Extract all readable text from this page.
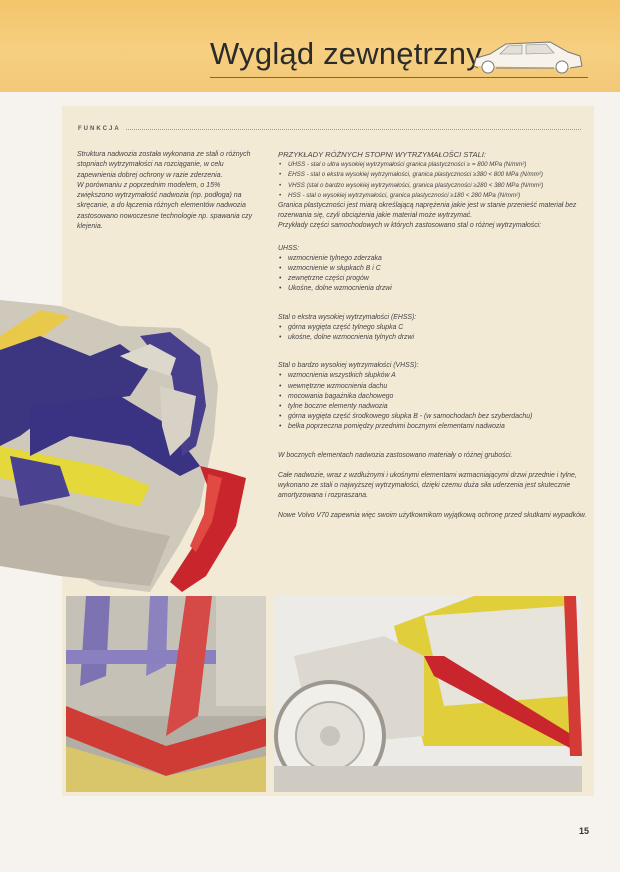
Wygląd zewnętrzny
FUNKCJA

Struktura nadwozia została wykonana ze stali o różnych stopniach wytrzymałości na rozciąganie, w celu zapewnienia dobrej ochrony w razie zderzenia.

W porównaniu z poprzednim modelem, o 15% zwiększono wytrzymałość nadwozia (np. podłoga) na skręcanie, a do łączenia różnych elementów nadwozia zastosowano nowoczesne technologie np. spawania czy klejenia.

PRZYKŁADY RÓŻNYCH STOPNI WYTRZYMAŁOŚCI STALI:

• UHSS - stal o ultra wysokiej wytrzymałości granica plastyczności ≥ = 800 MPa (N/mm²)
• EHSS - stal o ekstra wysokiej wytrzymałości, granica plastyczności ≥380 < 800 MPa (N/mm²)
• VHSS (stal o bardzo wysokiej wytrzymałości, granica plastyczności ≥280 < 380 MPa (N/mm²)
• HSS - stal o wysokiej wytrzymałości, granica plastyczności ≥180 < 280 MPa (N/mm²)

Granica plastyczności jest miarą określającą naprężenia jakie jest w stanie przenieść materiał bez rozerwania się, czyli obciążenia jakie materiał może wytrzymać.

Przykłady części samochodowych w których zastosowano stal o różnej wytrzymałości:

UHSS:

• wzmocnienie tylnego zderzaka
• wzmocnienie w słupkach B i C
• zewnętrzne części progów
• Ukośne, dolne wzmocnienia drzwi

Stal o ekstra wysokiej wytrzymałości (EHSS):

• górna wygięta część tylnego słupka C
• ukośne, dolne wzmocnienia tylnych drzwi

Stal o bardzo wysokiej wytrzymałości (VHSS):

• wzmocnienia wszystkich słupków A
• wewnętrzne wzmocnienia dachu
• mocowania bagażnika dachowego
• tylne boczne elementy nadwozia
• górna wygięta część środkowego słupka B - (w samochodach bez szyberdachu)
• belka poprzeczna pomiędzy przednimi bocznymi elementami nadwozia

W bocznych elementach nadwozia zastosowano materiały o różnej grubości.

Całe nadwozie, wraz z wzdłużnymi i ukośnymi elementami wzmacniającymi drzwi przednie i tylne, wykonano ze stali o najwyższej wytrzymałości, dzięki czemu duża siła uderzenia jest skutecznie amortyzowana i rozpraszana.

Nowe Volvo V70 zapewnia więc swoim użytkownikom wyjątkową ochronę przed skutkami wypadków.

15
